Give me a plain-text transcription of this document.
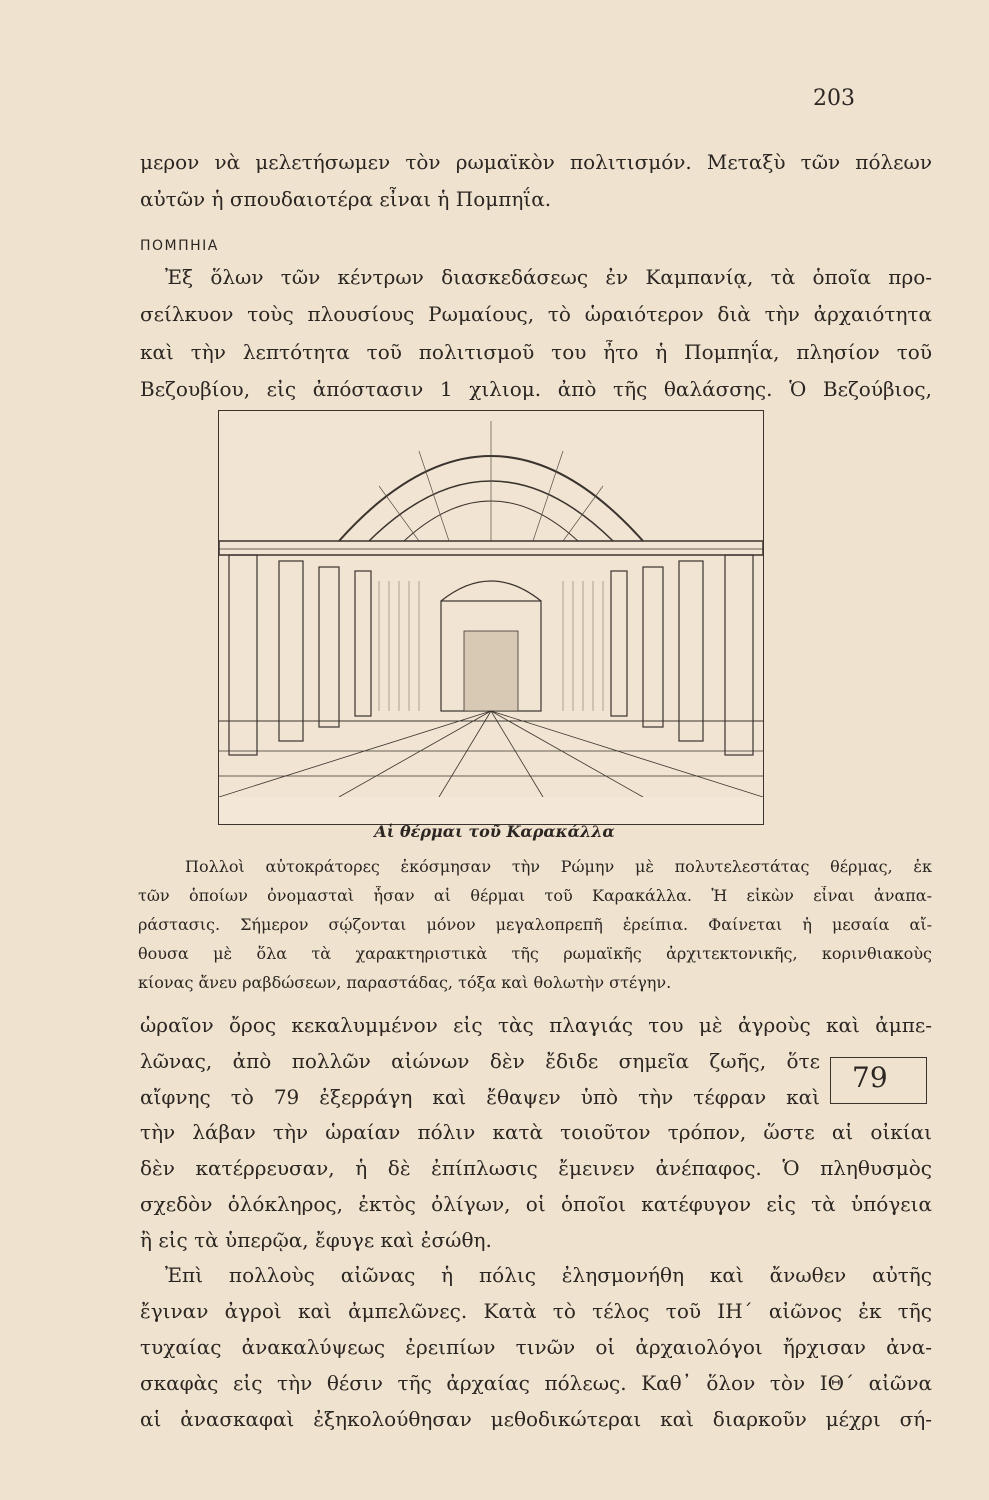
203
μερον νὰ μελετήσωμεν τὸν ρωμαϊκὸν πολιτισμόν. Μεταξὺ τῶν πόλεων
αὐτῶν ἡ σπουδαιοτέρα εἶναι ἡ Πομπηΐα.
ΠΟΜΠΗΙΑ
Ἐξ ὅλων τῶν κέντρων διασκεδάσεως ἐν Καμπανίᾳ, τὰ ὁποῖα προ-
σείλκυον τοὺς πλουσίους Ρωμαίους, τὸ ὡραιότερον διὰ τὴν ἀρχαιότητα
καὶ τὴν λεπτότητα τοῦ πολιτισμοῦ του ἦτο ἡ Πομπηΐα, πλησίον τοῦ
Βεζουβίου, εἰς ἀπόστασιν 1 χιλιομ. ἀπὸ τῆς θαλάσσης. Ὁ Βεζούβιος,
Αἱ θέρμαι τοῦ Καρακάλλα
Πολλοὶ αὐτοκράτορες ἐκόσμησαν τὴν Ρώμην μὲ πολυτελεστάτας θέρμας, ἐκ
τῶν ὁποίων ὀνομασταὶ ἦσαν αἱ θέρμαι τοῦ Καρακάλλα. Ἡ εἰκὼν εἶναι ἀναπα-
ράστασις. Σήμερον σῴζονται μόνον μεγαλοπρεπῆ ἐρείπια. Φαίνεται ἡ μεσαία αἴ-
θουσα μὲ ὅλα τὰ χαρακτηριστικὰ τῆς ρωμαϊκῆς ἀρχιτεκτονικῆς, κορινθιακοὺς
κίονας ἄνευ ραβδώσεων, παραστάδας, τόξα καὶ θολωτὴν στέγην.
ὡραῖον ὄρος κεκαλυμμένον εἰς τὰς πλαγιάς του μὲ ἀγροὺς καὶ ἀμπε-
λῶνας, ἀπὸ πολλῶν αἰώνων δὲν ἔδιδε σημεῖα ζωῆς, ὅτε
αἴφνης τὸ 79 ἐξερράγη καὶ ἔθαψεν ὑπὸ τὴν τέφραν καὶ
79
τὴν λάβαν τὴν ὡραίαν πόλιν κατὰ τοιοῦτον τρόπον, ὥστε αἱ οἰκίαι
δὲν κατέρρευσαν, ἡ δὲ ἐπίπλωσις ἔμεινεν ἀνέπαφος. Ὁ πληθυσμὸς
σχεδὸν ὁλόκληρος, ἐκτὸς ὀλίγων, οἱ ὁποῖοι κατέφυγον εἰς τὰ ὑπόγεια
ἢ εἰς τὰ ὑπερῷα, ἔφυγε καὶ ἐσώθη.
Ἐπὶ πολλοὺς αἰῶνας ἡ πόλις ἐλησμονήθη καὶ ἄνωθεν αὐτῆς
ἔγιναν ἀγροὶ καὶ ἀμπελῶνες. Κατὰ τὸ τέλος τοῦ ΙΗ΄ αἰῶνος ἐκ τῆς
τυχαίας ἀνακαλύψεως ἐρειπίων τινῶν οἱ ἀρχαιολόγοι ἤρχισαν ἀνα-
σκαφὰς εἰς τὴν θέσιν τῆς ἀρχαίας πόλεως. Καθ᾽ ὅλον τὸν ΙΘ΄ αἰῶνα
αἱ ἀνασκαφαὶ ἐξηκολούθησαν μεθοδικώτεραι καὶ διαρκοῦν μέχρι σή-
